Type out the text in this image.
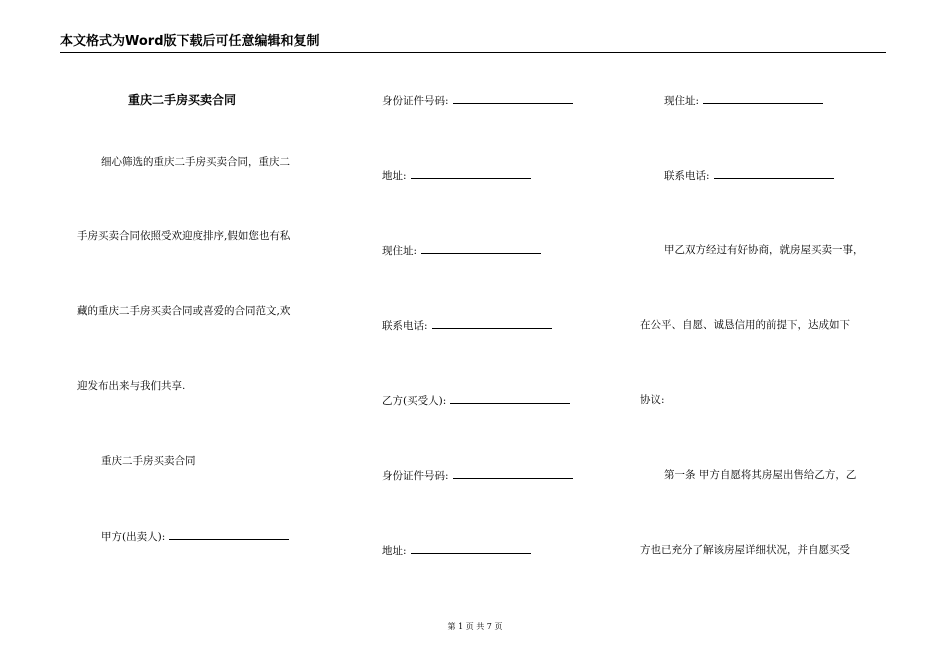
本文格式为Word版下载后可任意编辑和复制
重庆二手房买卖合同
细心筛选的重庆二手房买卖合同，重庆二
手房买卖合同依照受欢迎度排序,假如您也有私
藏的重庆二手房买卖合同或喜爱的合同范文,欢
迎发布出来与我们共享.
重庆二手房买卖合同
甲方(出卖人):
身份证件号码:
地址:
现住址:
联系电话:
乙方(买受人):
身份证件号码:
地址:
现住址:
联系电话:
甲乙双方经过有好协商，就房屋买卖一事，
在公平、自愿、诚恳信用的前提下，达成如下
协议:
第一条 甲方自愿将其房屋出售给乙方，乙
方也已充分了解该房屋详细状况，并自愿买受
第 1 页 共 7 页
